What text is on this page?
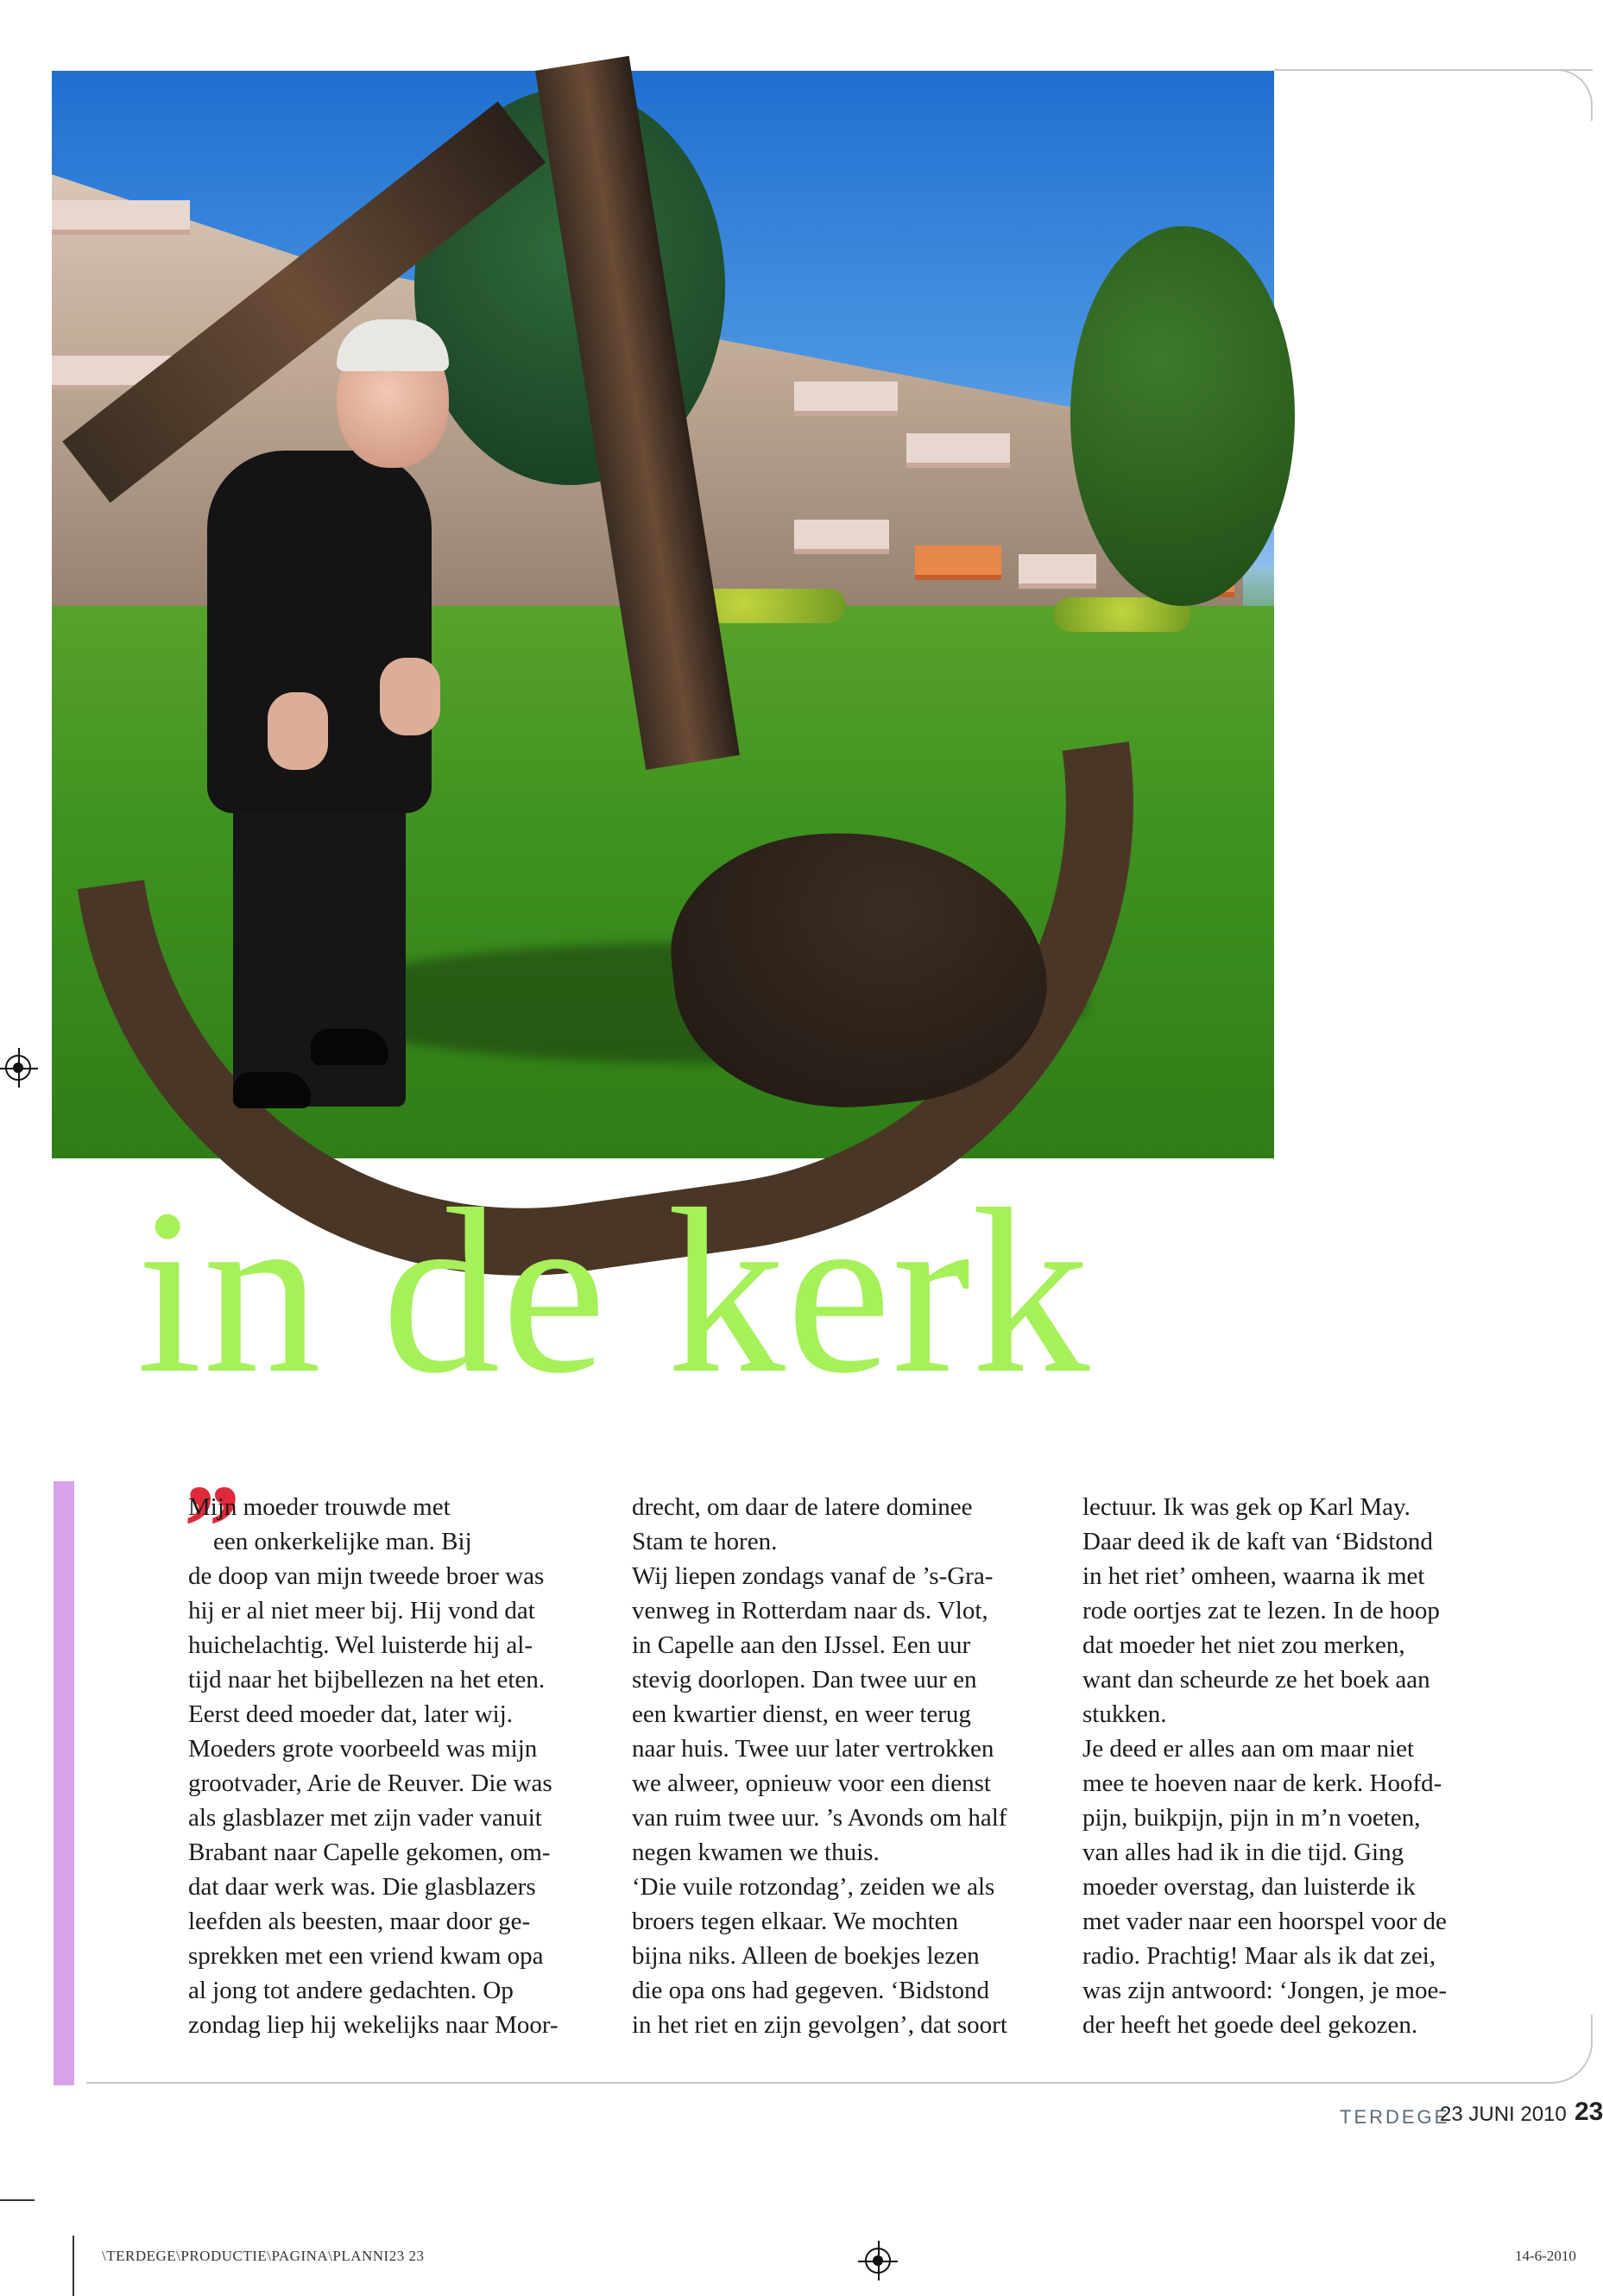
in de kerk
”
Mijn moeder trouwde met
een onkerkelijke man. Bij
de doop van mijn tweede broer was
hij er al niet meer bij. Hij vond dat
huichelachtig. Wel luisterde hij al-
tijd naar het bijbellezen na het eten.
Eerst deed moeder dat, later wij.
Moeders grote voorbeeld was mijn
grootvader, Arie de Reuver. Die was
als glasblazer met zijn vader vanuit
Brabant naar Capelle gekomen, om-
dat daar werk was. Die glasblazers
leefden als beesten, maar door ge-
sprekken met een vriend kwam opa
al jong tot andere gedachten. Op
zondag liep hij wekelijks naar Moor-
drecht, om daar de latere dominee
Stam te horen.
Wij liepen zondags vanaf de ’s-Gra-
venweg in Rotterdam naar ds. Vlot,
in Capelle aan den IJssel. Een uur
stevig doorlopen. Dan twee uur en
een kwartier dienst, en weer terug
naar huis. Twee uur later vertrokken
we alweer, opnieuw voor een dienst
van ruim twee uur. ’s Avonds om half
negen kwamen we thuis.
‘Die vuile rotzondag’, zeiden we als
broers tegen elkaar. We mochten
bijna niks. Alleen de boekjes lezen
die opa ons had gegeven. ‘Bidstond
in het riet en zijn gevolgen’, dat soort
lectuur. Ik was gek op Karl May.
Daar deed ik de kaft van ‘Bidstond
in het riet’ omheen, waarna ik met
rode oortjes zat te lezen. In de hoop
dat moeder het niet zou merken,
want dan scheurde ze het boek aan
stukken.
Je deed er alles aan om maar niet
mee te hoeven naar de kerk. Hoofd-
pijn, buikpijn, pijn in m’n voeten,
van alles had ik in die tijd. Ging
moeder overstag, dan luisterde ik
met vader naar een hoorspel voor de
radio. Prachtig! Maar als ik dat zei,
was zijn antwoord: ‘Jongen, je moe-
der heeft het goede deel gekozen.
TERDEGE
23 JUNI 2010 23
\TERDEGE\PRODUCTIE\PAGINA\PLANNI23 23	14-6-2010
